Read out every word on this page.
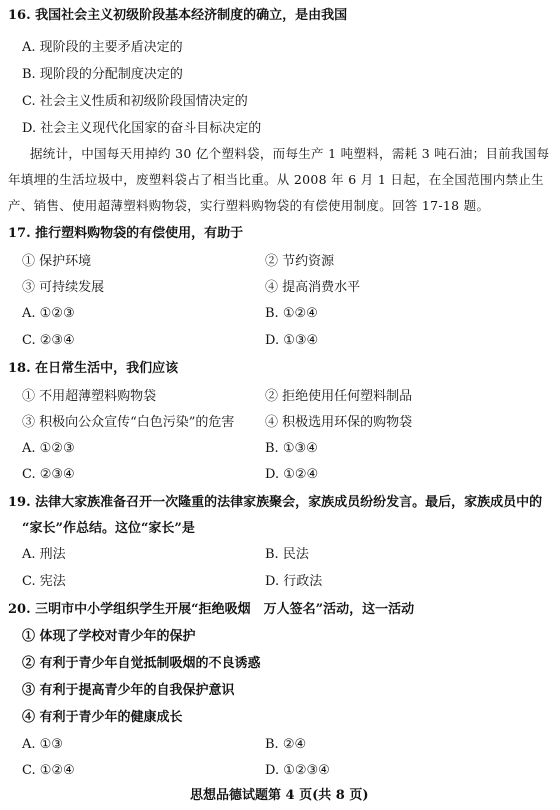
16. 我国社会主义初级阶段基本经济制度的确立，是由我国
A. 现阶段的主要矛盾决定的
B. 现阶段的分配制度决定的
C. 社会主义性质和初级阶段国情决定的
D. 社会主义现代化国家的奋斗目标决定的
据统计，中国每天用掉约 30 亿个塑料袋，而每生产 1 吨塑料，需耗 3 吨石油；目前我国每
年填埋的生活垃圾中，废塑料袋占了相当比重。从 2008 年 6 月 1 日起，在全国范围内禁止生
产、销售、使用超薄塑料购物袋，实行塑料购物袋的有偿使用制度。回答 17-18 题。
17. 推行塑料购物袋的有偿使用，有助于
① 保护环境	② 节约资源
③ 可持续发展	④ 提高消费水平
A. ①②③	B. ①②④
C. ②③④	D. ①③④
18. 在日常生活中，我们应该
① 不用超薄塑料购物袋	② 拒绝使用任何塑料制品
③ 积极向公众宣传“白色污染”的危害 ④ 积极选用环保的购物袋
A. ①②③	B. ①③④
C. ②③④	D. ①②④
19. 法律大家族准备召开一次隆重的法律家族聚会，家族成员纷纷发言。最后，家族成员中的
“家长”作总结。这位“家长”是
A. 刑法	B. 民法
C. 宪法	D. 行政法
20. 三明市中小学组织学生开展“拒绝吸烟　万人签名”活动，这一活动
① 体现了学校对青少年的保护
② 有利于青少年自觉抵制吸烟的不良诱惑
③ 有利于提高青少年的自我保护意识
④ 有利于青少年的健康成长
A. ①③	B. ②④
C. ①②④	D. ①②③④
思想品德试题第 4 页(共 8 页)
